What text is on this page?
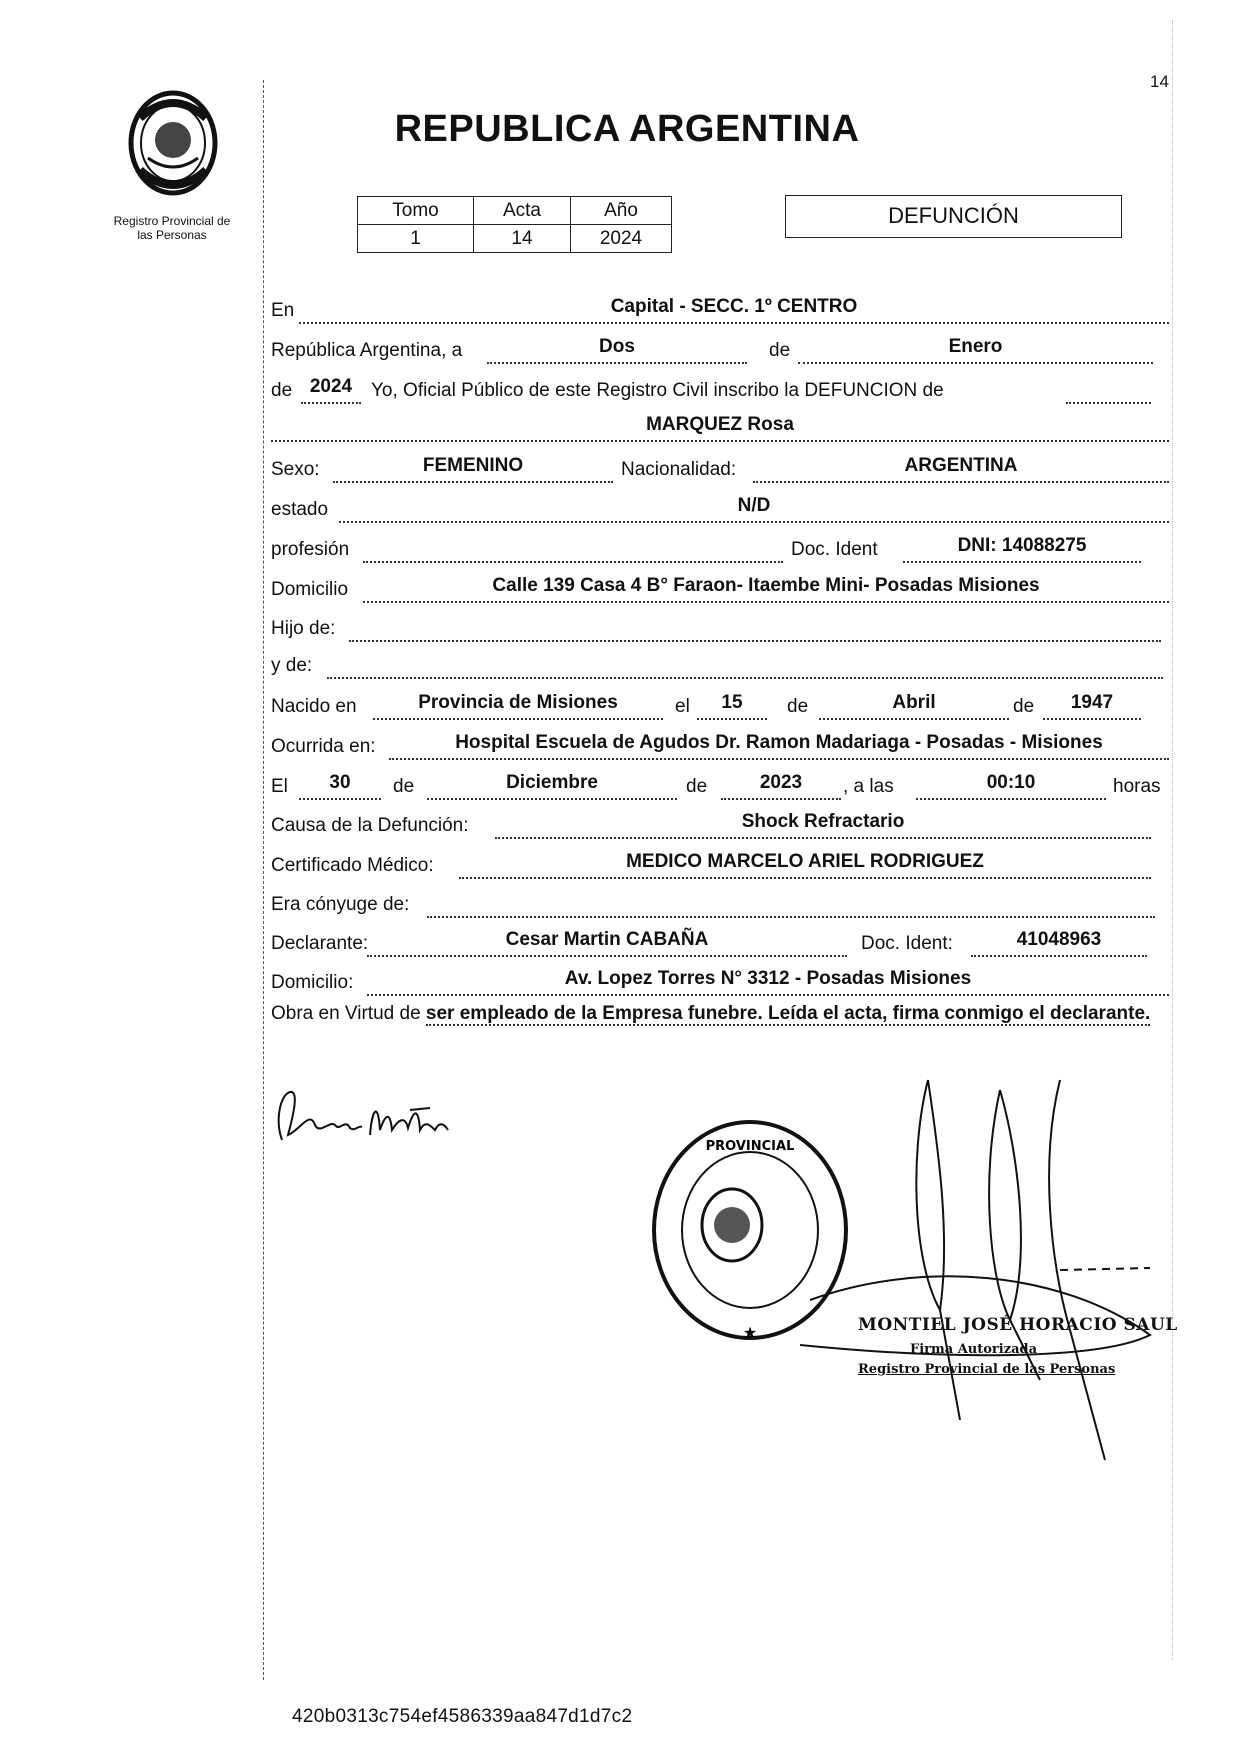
14
Registro Provincial de
las Personas
REPUBLICA ARGENTINA
Tomo	Acta	Año
1	14	2024
DEFUNCIÓN
En	Capital - SECC. 1º CENTRO
República Argentina, a	Dos	de	Enero
de 2024 Yo, Oficial Público de este Registro Civil inscribo la DEFUNCION de
MARQUEZ Rosa
Sexo:	FEMENINO	Nacionalidad:	ARGENTINA
estado	N/D
profesión	Doc. Ident	DNI: 14088275
Domicilio	Calle 139 Casa 4 B° Faraon- Itaembe Mini- Posadas Misiones
Hijo de:
y de:
Nacido en	Provincia de Misiones	el	15	de	Abril	de	1947
Ocurrida en:	Hospital Escuela de Agudos Dr. Ramon Madariaga - Posadas - Misiones
El	30	de	Diciembre	de	2023	, a las	00:10	horas
Causa de la Defunción:	Shock Refractario
Certificado Médico:	MEDICO MARCELO ARIEL RODRIGUEZ
Era cónyuge de:
Declarante:	Cesar Martin CABAÑA	Doc. Ident:	41048963
Domicilio:	Av. Lopez Torres N° 3312 - Posadas Misiones
Obra en Virtud de ser empleado de la Empresa funebre. Leída el acta, firma conmigo el declarante.
PROVINCIAL
★	MONTIEL JOSÉ HORACIO SAUL
Firma Autorizada
Registro Provincial de las Personas
420b0313c754ef4586339aa847d1d7c2
